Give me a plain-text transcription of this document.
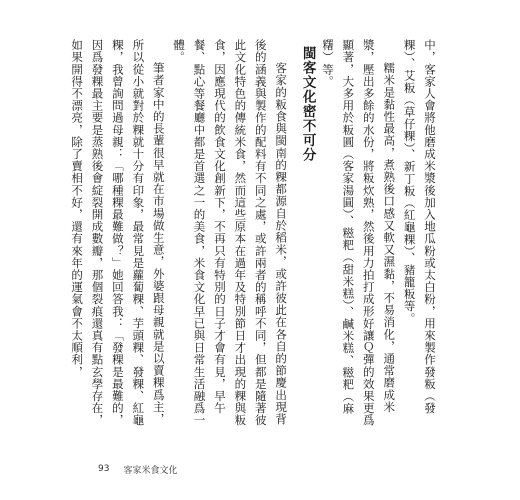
中，客家人會將他磨成米漿後加入地瓜粉或太白粉，用來製作發粄（發粿）、艾粄（草仔粿）、新丁粄（紅龜粿）、豬籠粄等。

糯米是黏性最高，煮熟後口感又軟又濕黏，不易消化，通常磨成米漿，壓出多餘的水份，將粄炊熟，然後用力拍打成形好讓Ｑ彈的效果更爲顯著，大多用於粄圓（客家湯圓）、糍粑（甜米糕）、鹹米糕、糍粑（麻糬）等。

閩客文化密不可分

客家的粄食與閩南的粿都源自於稻米，或許彼此在各自的節慶出現背後的涵義與製作的配料有不同之處，或許兩者的稱呼不同，但都是隨著彼此文化特色的傳統米食，然而這些原本在過年及特別節日才出現的粿與粄食，因應現代的飲食文化創新下，不再只有特別的日子才會有見，早午餐、點心等餐廳中都是首選之一的美食，米食文化早已與日常生活融爲一體。

筆者家中的長輩很早就在市場做生意，外婆跟母親就是以賣粿爲主，所以從小就對於粿就十分有印象，最常見是蘿蔔粿、芋頭粿、發粿、紅龜粿，我曾詢問過母親：「哪種粿最難做？」她回答我：「發粿是最難的，因爲發粿最主要是蒸熟後會綻裂開成數瓣，那個裂痕還真有點玄學存在，如果開得不漂亮，除了賣相不好，還有來年的運氣會不太順利，

93 客家米食文化
